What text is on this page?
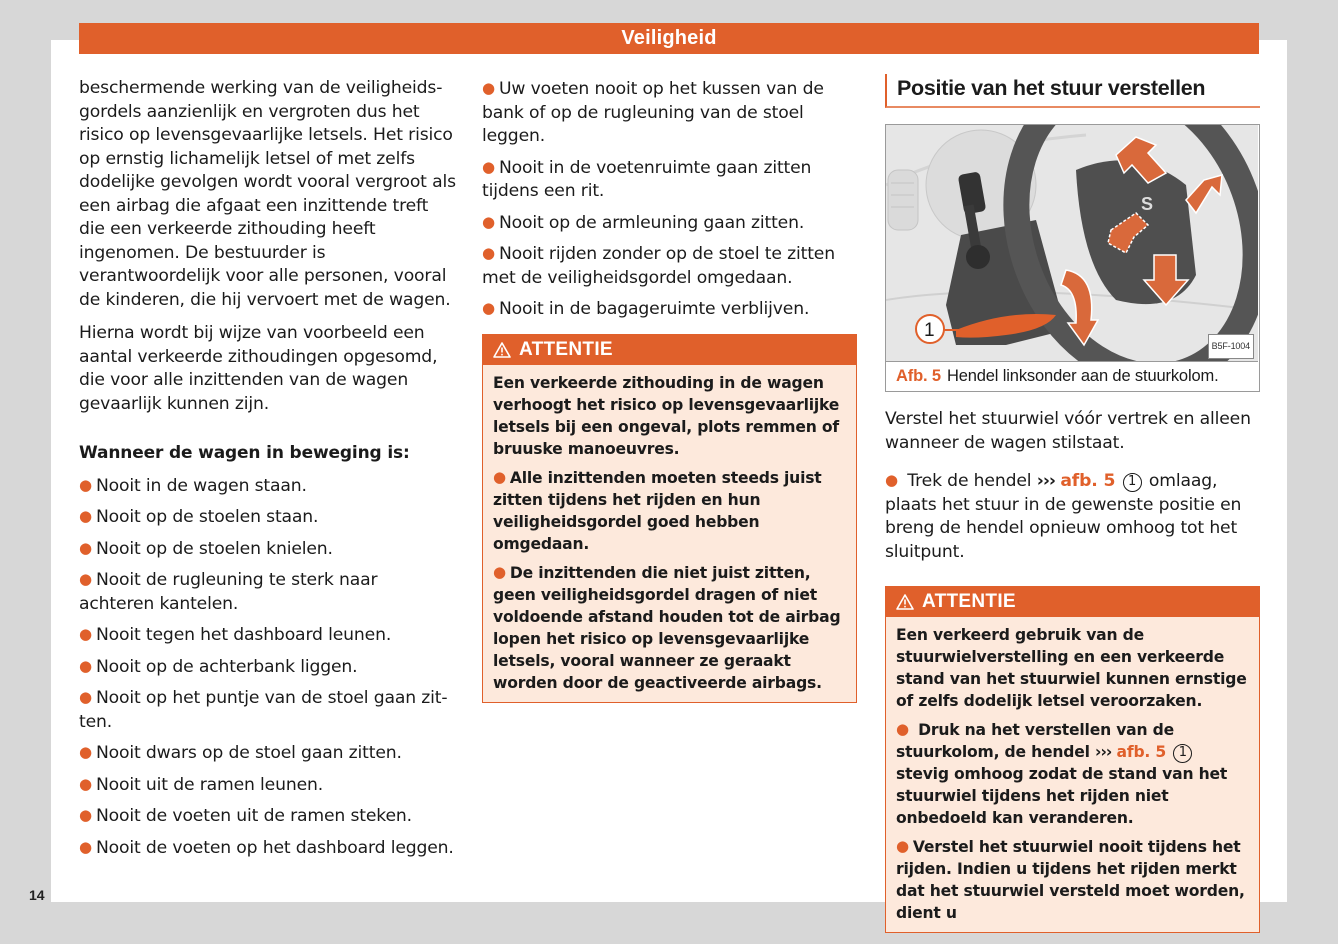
Veiligheid

beschermende werking van de veiligheidsgordels aanzienlijk en vergroten dus het risico op levensgevaarlijke letsels. Het risico op ernstig lichamelijk letsel of met zelfs dodelijke gevolgen wordt vooral vergroot als een airbag die afgaat een inzittende treft die een verkeerde zithouding heeft ingenomen. De bestuurder is verantwoordelijk voor alle personen, vooral de kinderen, die hij vervoert met de wagen.

Hierna wordt bij wijze van voorbeeld een aantal verkeerde zithoudingen opgesomd, die voor alle inzittenden van de wagen gevaarlijk kunnen zijn.

Wanneer de wagen in beweging is:
● Nooit in de wagen staan.
● Nooit op de stoelen staan.
● Nooit op de stoelen knielen.
● Nooit de rugleuning te sterk naar achteren kantelen.
● Nooit tegen het dashboard leunen.
● Nooit op de achterbank liggen.
● Nooit op het puntje van de stoel gaan zitten.
● Nooit dwars op de stoel gaan zitten.
● Nooit uit de ramen leunen.
● Nooit de voeten uit de ramen steken.
● Nooit de voeten op het dashboard leggen.
● Uw voeten nooit op het kussen van de bank of op de rugleuning van de stoel leggen.
● Nooit in de voetenruimte gaan zitten tijdens een rit.
● Nooit op de armleuning gaan zitten.
● Nooit rijden zonder op de stoel te zitten met de veiligheidsgordel omgedaan.
● Nooit in de bagageruimte verblijven.
ATTENTIE
Een verkeerde zithouding in de wagen verhoogt het risico op levensgevaarlijke letsels bij een ongeval, plots remmen of bruuske manoeuvres.
● Alle inzittenden moeten steeds juist zitten tijdens het rijden en hun veiligheidsgordel goed hebben omgedaan.
● De inzittenden die niet juist zitten, geen veiligheidsgordel dragen of niet voldoende afstand houden tot de airbag lopen het risico op levensgevaarlijke letsels, vooral wanneer ze geraakt worden door de geactiveerde airbags.
Positie van het stuur verstellen
S
1
B5F-1004
Afb. 5 Hendel linksonder aan de stuurkolom.

Verstel het stuurwiel vóór vertrek en alleen wanneer de wagen stilstaat.

● Trek de hendel ››› afb. 5 1 omlaag, plaats het stuur in de gewenste positie en breng de hendel opnieuw omhoog tot het sluitpunt.
ATTENTIE
Een verkeerd gebruik van de stuurwielverstelling en een verkeerde stand van het stuurwiel kunnen ernstige of zelfs dodelijk letsel veroorzaken.
● Druk na het verstellen van de stuurkolom, de hendel ››› afb. 5 1 stevig omhoog zodat de stand van het stuurwiel tijdens het rijden niet onbedoeld kan veranderen.
● Verstel het stuurwiel nooit tijdens het rijden. Indien u tijdens het rijden merkt dat het stuurwiel versteld moet worden, dient u
14
